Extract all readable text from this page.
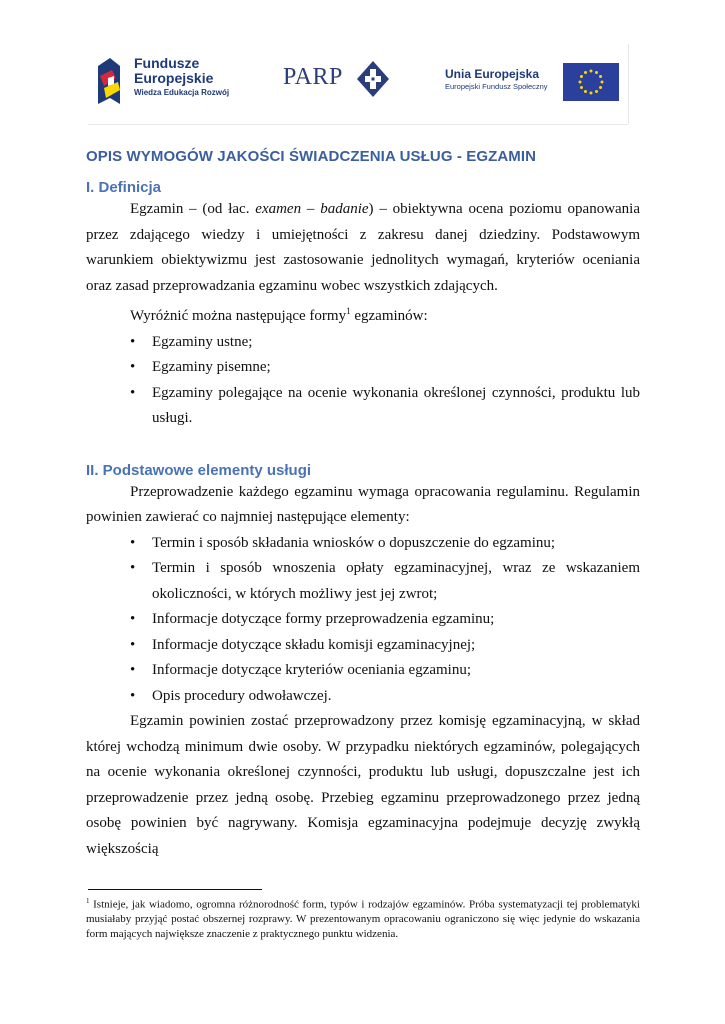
Fundusze
Europejskie
Wiedza Edukacja Rozwój
PARP	Unia Europejska
Europejski Fundusz Społeczny
OPIS WYMOGÓW JAKOŚCI ŚWIADCZENIA USŁUG - EGZAMIN
I. Definicja

Egzamin – (od łac. examen – badanie) – obiektywna ocena poziomu opanowania przez zdającego wiedzy i umiejętności z zakresu danej dziedziny. Podstawowym warunkiem obiektywizmu jest zastosowanie jednolitych wymagań, kryteriów oceniania oraz zasad przeprowadzania egzaminu wobec wszystkich zdających.

Wyróżnić można następujące formy$^1$ egzaminów:

• Egzaminy ustne;
• Egzaminy pisemne;
• Egzaminy polegające na ocenie wykonania określonej czynności, produktu lub usługi.
II. Podstawowe elementy usługi

Przeprowadzenie każdego egzaminu wymaga opracowania regulaminu. Regulamin powinien zawierać co najmniej następujące elementy:

• Termin i sposób składania wniosków o dopuszczenie do egzaminu;
• Termin i sposób wnoszenia opłaty egzaminacyjnej, wraz ze wskazaniem okoliczności, w których możliwy jest jej zwrot;
• Informacje dotyczące formy przeprowadzenia egzaminu;
• Informacje dotyczące składu komisji egzaminacyjnej;
• Informacje dotyczące kryteriów oceniania egzaminu;
• Opis procedury odwoławczej.

Egzamin powinien zostać przeprowadzony przez komisję egzaminacyjną, w skład której wchodzą minimum dwie osoby. W przypadku niektórych egzaminów, polegających na ocenie wykonania określonej czynności, produktu lub usługi, dopuszczalne jest ich przeprowadzenie przez jedną osobę. Przebieg egzaminu przeprowadzonego przez jedną osobę powinien być nagrywany. Komisja egzaminacyjna podejmuje decyzję zwykłą większością

$^1$ Istnieje, jak wiadomo, ogromna różnorodność form, typów i rodzajów egzaminów. Próba systematyzacji tej problematyki musiałaby przyjąć postać obszernej rozprawy. W prezentowanym opracowaniu ograniczono się więc jedynie do wskazania form mających największe znaczenie z praktycznego punktu widzenia.
